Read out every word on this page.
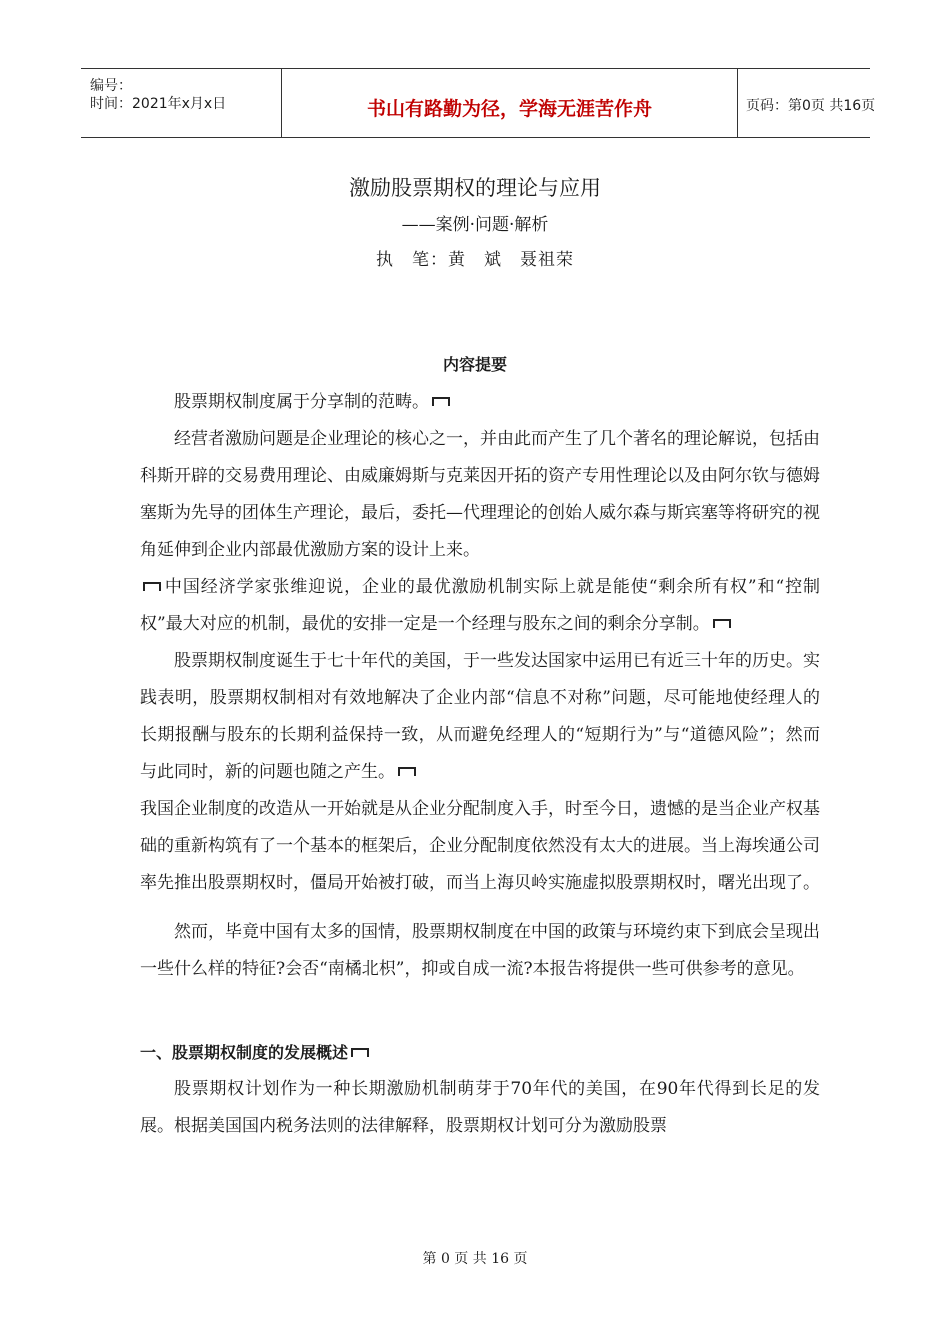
编号：
时间：2021年x月x日	书山有路勤为径，学海无涯苦作舟	页码：第0页 共16页
激励股票期权的理论与应用
——案例·问题·解析
执　笔：黄　斌　聂祖荣
内容提要

股票期权制度属于分享制的范畴。

经营者激励问题是企业理论的核心之一，并由此而产生了几个著名的理论解说，包括由科斯开辟的交易费用理论、由威廉姆斯与克莱因开拓的资产专用性理论以及由阿尔钦与德姆塞斯为先导的团体生产理论，最后，委托—代理理论的创始人威尔森与斯宾塞等将研究的视角延伸到企业内部最优激励方案的设计上来。

中国经济学家张维迎说，企业的最优激励机制实际上就是能使“剩余所有权”和“控制权”最大对应的机制，最优的安排一定是一个经理与股东之间的剩余分享制。

股票期权制度诞生于七十年代的美国，于一些发达国家中运用已有近三十年的历史。实践表明，股票期权制相对有效地解决了企业内部“信息不对称”问题，尽可能地使经理人的长期报酬与股东的长期利益保持一致，从而避免经理人的“短期行为”与“道德风险”；然而与此同时，新的问题也随之产生。

我国企业制度的改造从一开始就是从企业分配制度入手，时至今日，遗憾的是当企业产权基础的重新构筑有了一个基本的框架后，企业分配制度依然没有太大的进展。当上海埃通公司率先推出股票期权时，僵局开始被打破，而当上海贝岭实施虚拟股票期权时，曙光出现了。

然而，毕竟中国有太多的国情，股票期权制度在中国的政策与环境约束下到底会呈现出一些什么样的特征?会否“南橘北枳”，抑或自成一流?本报告将提供一些可供参考的意见。

一、股票期权制度的发展概述

股票期权计划作为一种长期激励机制萌芽于70年代的美国，在90年代得到长足的发展。根据美国国内税务法则的法律解释，股票期权计划可分为激励股票

第 0 页 共 16 页
